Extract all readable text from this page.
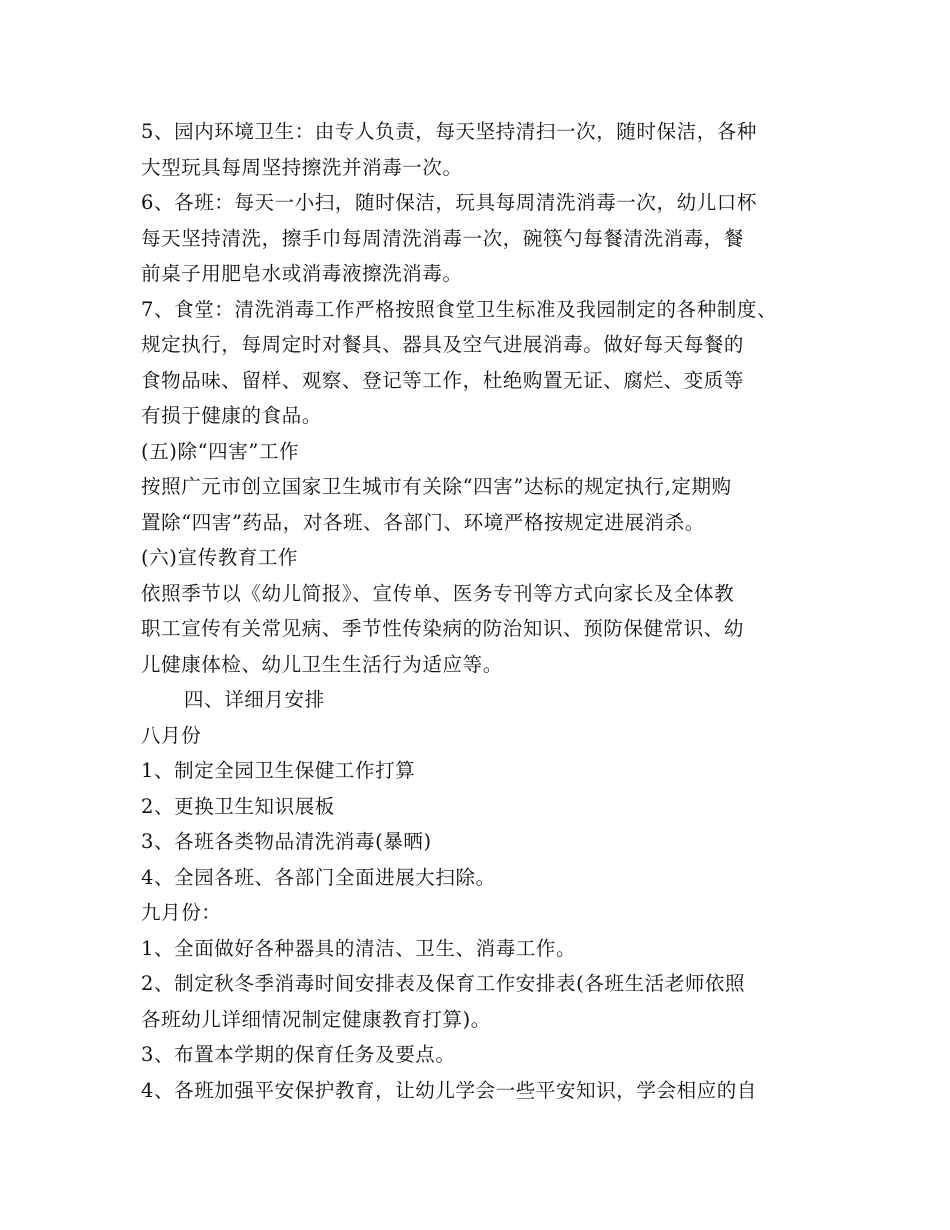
5、园内环境卫生：由专人负责，每天坚持清扫一次，随时保洁，各种
大型玩具每周坚持擦洗并消毒一次。
6、各班：每天一小扫，随时保洁，玩具每周清洗消毒一次，幼儿口杯
每天坚持清洗，擦手巾每周清洗消毒一次，碗筷勺每餐清洗消毒，餐
前桌子用肥皂水或消毒液擦洗消毒。
7、食堂：清洗消毒工作严格按照食堂卫生标准及我园制定的各种制度、
规定执行，每周定时对餐具、器具及空气进展消毒。做好每天每餐的
食物品味、留样、观察、登记等工作，杜绝购置无证、腐烂、变质等
有损于健康的食品。
(五)除“四害”工作
按照广元市创立国家卫生城市有关除“四害”达标的规定执行,定期购
置除“四害”药品，对各班、各部门、环境严格按规定进展消杀。
(六)宣传教育工作
依照季节以《幼儿简报》、宣传单、医务专刊等方式向家长及全体教
职工宣传有关常见病、季节性传染病的防治知识、预防保健常识、幼
儿健康体检、幼儿卫生生活行为适应等。
四、详细月安排
八月份
1、制定全园卫生保健工作打算
2、更换卫生知识展板
3、各班各类物品清洗消毒(暴晒)
4、全园各班、各部门全面进展大扫除。
九月份：
1、全面做好各种器具的清洁、卫生、消毒工作。
2、制定秋冬季消毒时间安排表及保育工作安排表(各班生活老师依照
各班幼儿详细情况制定健康教育打算)。
3、布置本学期的保育任务及要点。
4、各班加强平安保护教育，让幼儿学会一些平安知识，学会相应的自
